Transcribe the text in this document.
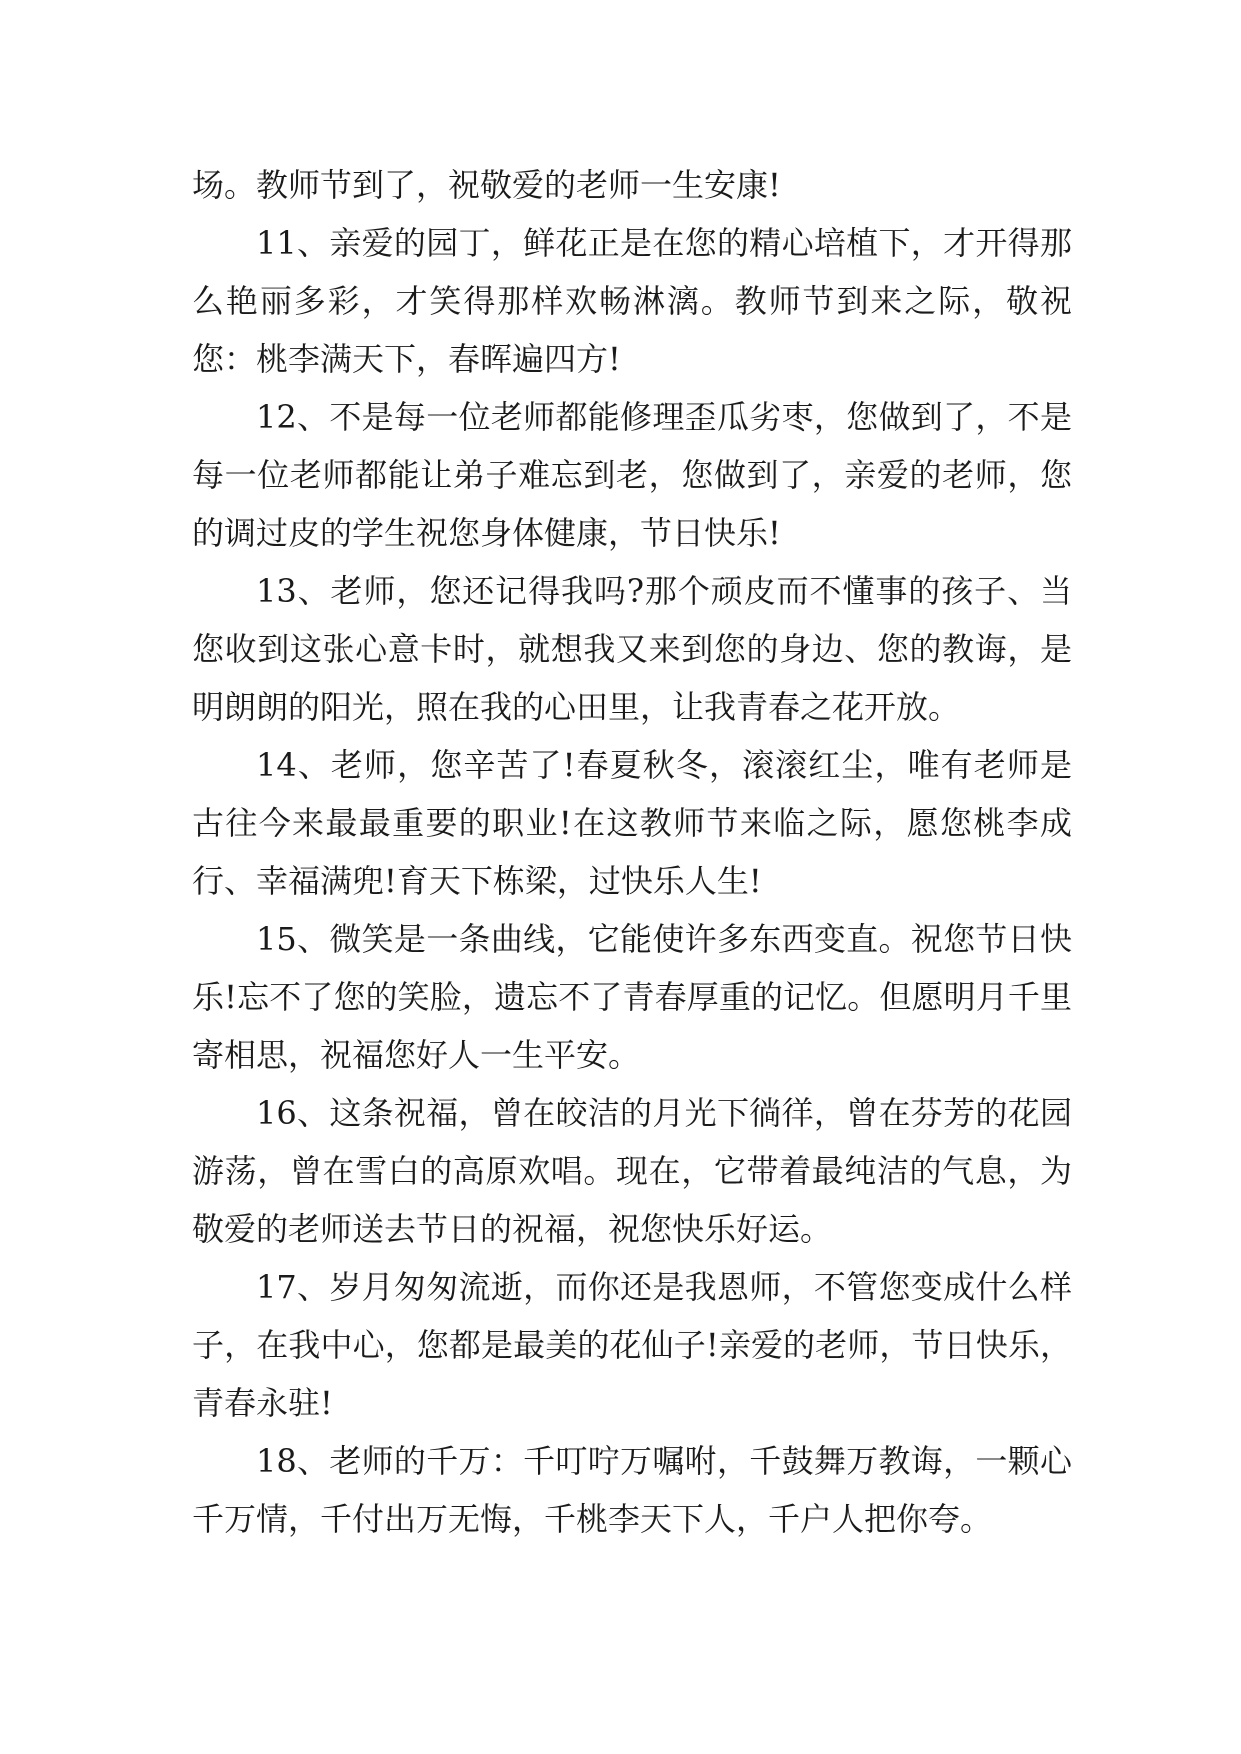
场。教师节到了，祝敬爱的老师一生安康!

11、亲爱的园丁，鲜花正是在您的精心培植下，才开得那么艳丽多彩，才笑得那样欢畅淋漓。教师节到来之际，敬祝您：桃李满天下，春晖遍四方!

12、不是每一位老师都能修理歪瓜劣枣，您做到了，不是每一位老师都能让弟子难忘到老，您做到了，亲爱的老师，您的调过皮的学生祝您身体健康，节日快乐!

13、老师，您还记得我吗?那个顽皮而不懂事的孩子、当您收到这张心意卡时，就想我又来到您的身边、您的教诲，是明朗朗的阳光，照在我的心田里，让我青春之花开放。

14、老师，您辛苦了!春夏秋冬，滚滚红尘，唯有老师是古往今来最最重要的职业!在这教师节来临之际，愿您桃李成行、幸福满兜!育天下栋梁，过快乐人生!

15、微笑是一条曲线，它能使许多东西变直。祝您节日快乐!忘不了您的笑脸，遗忘不了青春厚重的记忆。但愿明月千里寄相思，祝福您好人一生平安。

16、这条祝福，曾在皎洁的月光下徜徉，曾在芬芳的花园游荡，曾在雪白的高原欢唱。现在，它带着最纯洁的气息，为敬爱的老师送去节日的祝福，祝您快乐好运。

17、岁月匆匆流逝，而你还是我恩师，不管您变成什么样子，在我中心，您都是最美的花仙子!亲爱的老师，节日快乐，青春永驻!

18、老师的千万：千叮咛万嘱咐，千鼓舞万教诲，一颗心千万情，千付出万无悔，千桃李天下人，千户人把你夸。
